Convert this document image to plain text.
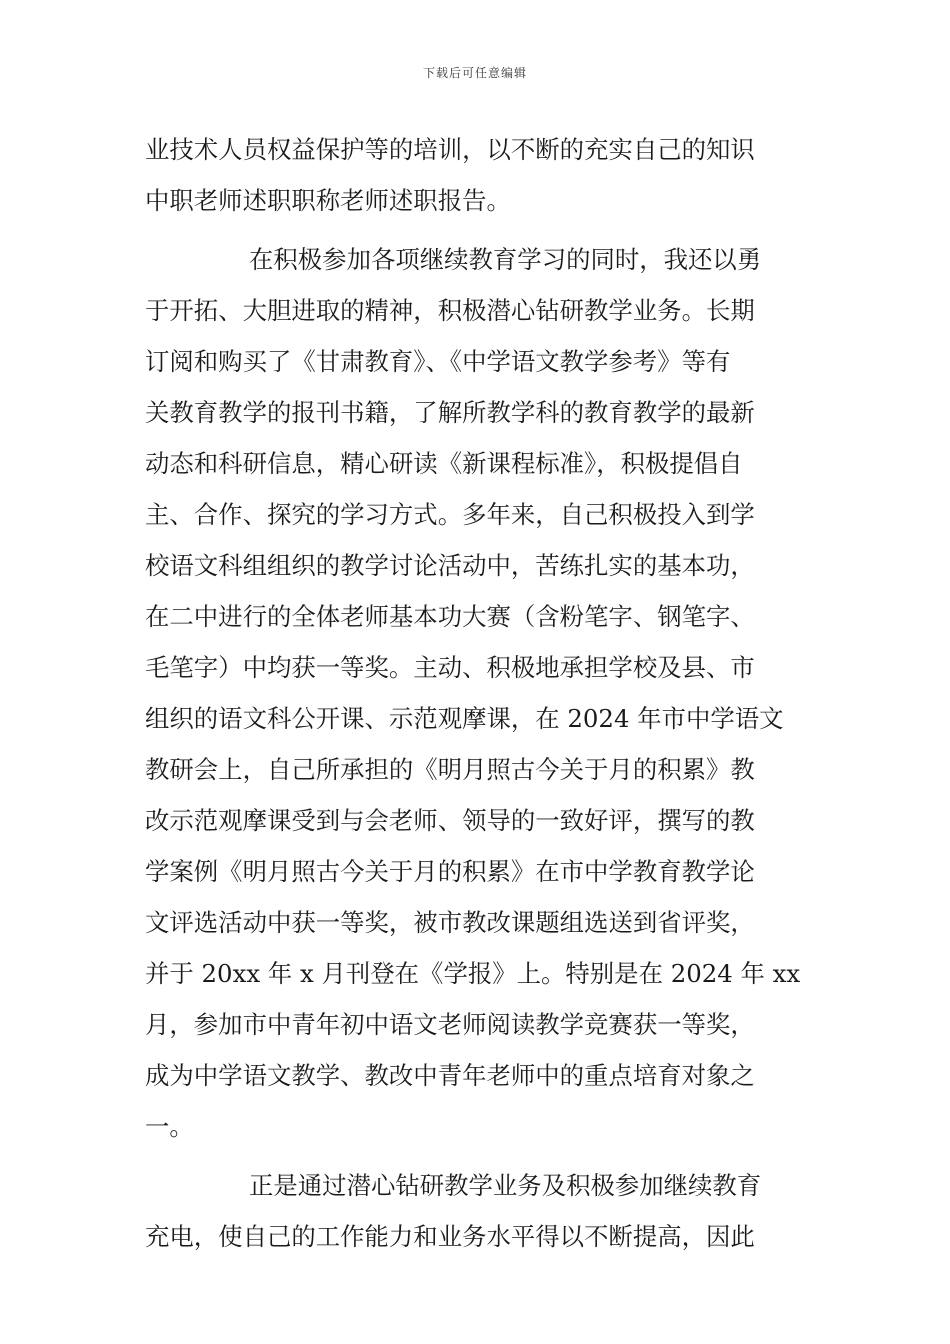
下载后可任意编辑
业技术人员权益保护等的培训，以不断的充实自己的知识
中职老师述职职称老师述职报告。
在积极参加各项继续教育学习的同时，我还以勇
于开拓、大胆进取的精神，积极潜心钻研教学业务。长期
订阅和购买了《甘肃教育》、《中学语文教学参考》等有
关教育教学的报刊书籍，了解所教学科的教育教学的最新
动态和科研信息，精心研读《新课程标准》，积极提倡自
主、合作、探究的学习方式。多年来，自己积极投入到学
校语文科组组织的教学讨论活动中，苦练扎实的基本功，
在二中进行的全体老师基本功大赛（含粉笔字、钢笔字、
毛笔字）中均获一等奖。主动、积极地承担学校及县、市
组织的语文科公开课、示范观摩课，在 2024 年市中学语文
教研会上，自己所承担的《明月照古今关于月的积累》教
改示范观摩课受到与会老师、领导的一致好评，撰写的教
学案例《明月照古今关于月的积累》在市中学教育教学论
文评选活动中获一等奖，被市教改课题组选送到省评奖，
并于 20xx 年 x 月刊登在《学报》上。特别是在 2024 年 xx
月，参加市中青年初中语文老师阅读教学竞赛获一等奖，
成为中学语文教学、教改中青年老师中的重点培育对象之
一。
正是通过潜心钻研教学业务及积极参加继续教育
充电，使自己的工作能力和业务水平得以不断提高，因此
